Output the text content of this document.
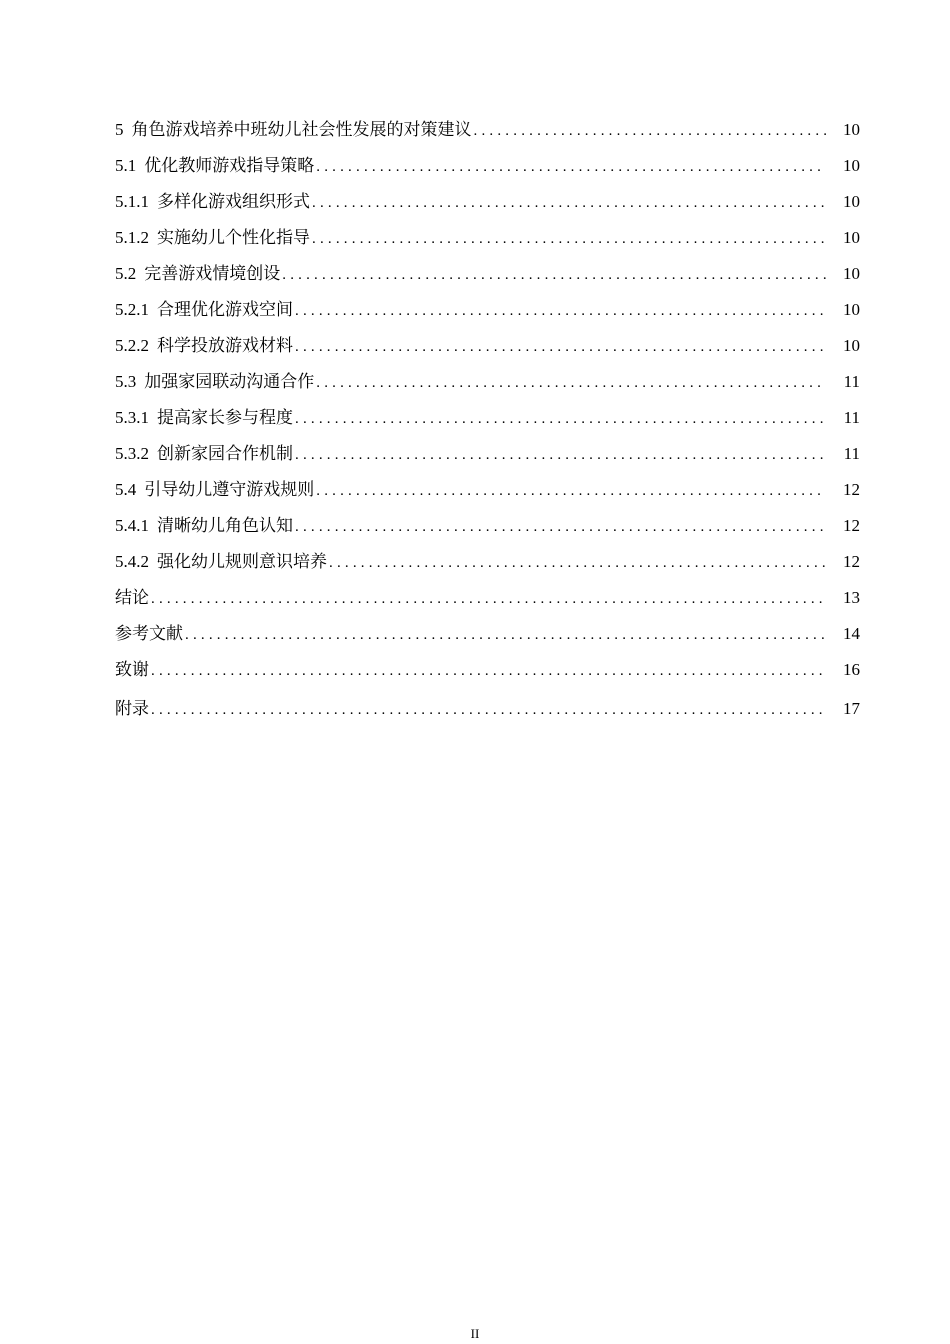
5 角色游戏培养中班幼儿社会性发展的对策建议 .....	10
5.1 优化教师游戏指导策略 .....	10
5.1.1 多样化游戏组织形式 .....	10
5.1.2 实施幼儿个性化指导 .....	10
5.2 完善游戏情境创设 .....	10
5.2.1 合理优化游戏空间 .....	10
5.2.2 科学投放游戏材料 .....	10
5.3 加强家园联动沟通合作 .....	11
5.3.1 提高家长参与程度 .....	11
5.3.2 创新家园合作机制 .....	11
5.4 引导幼儿遵守游戏规则 .....	12
5.4.1 清晰幼儿角色认知 .....	12
5.4.2 强化幼儿规则意识培养 .....	12
结论 .....	13
参考文献 .....	14
致谢 .....	16
附录 .....	17
II
